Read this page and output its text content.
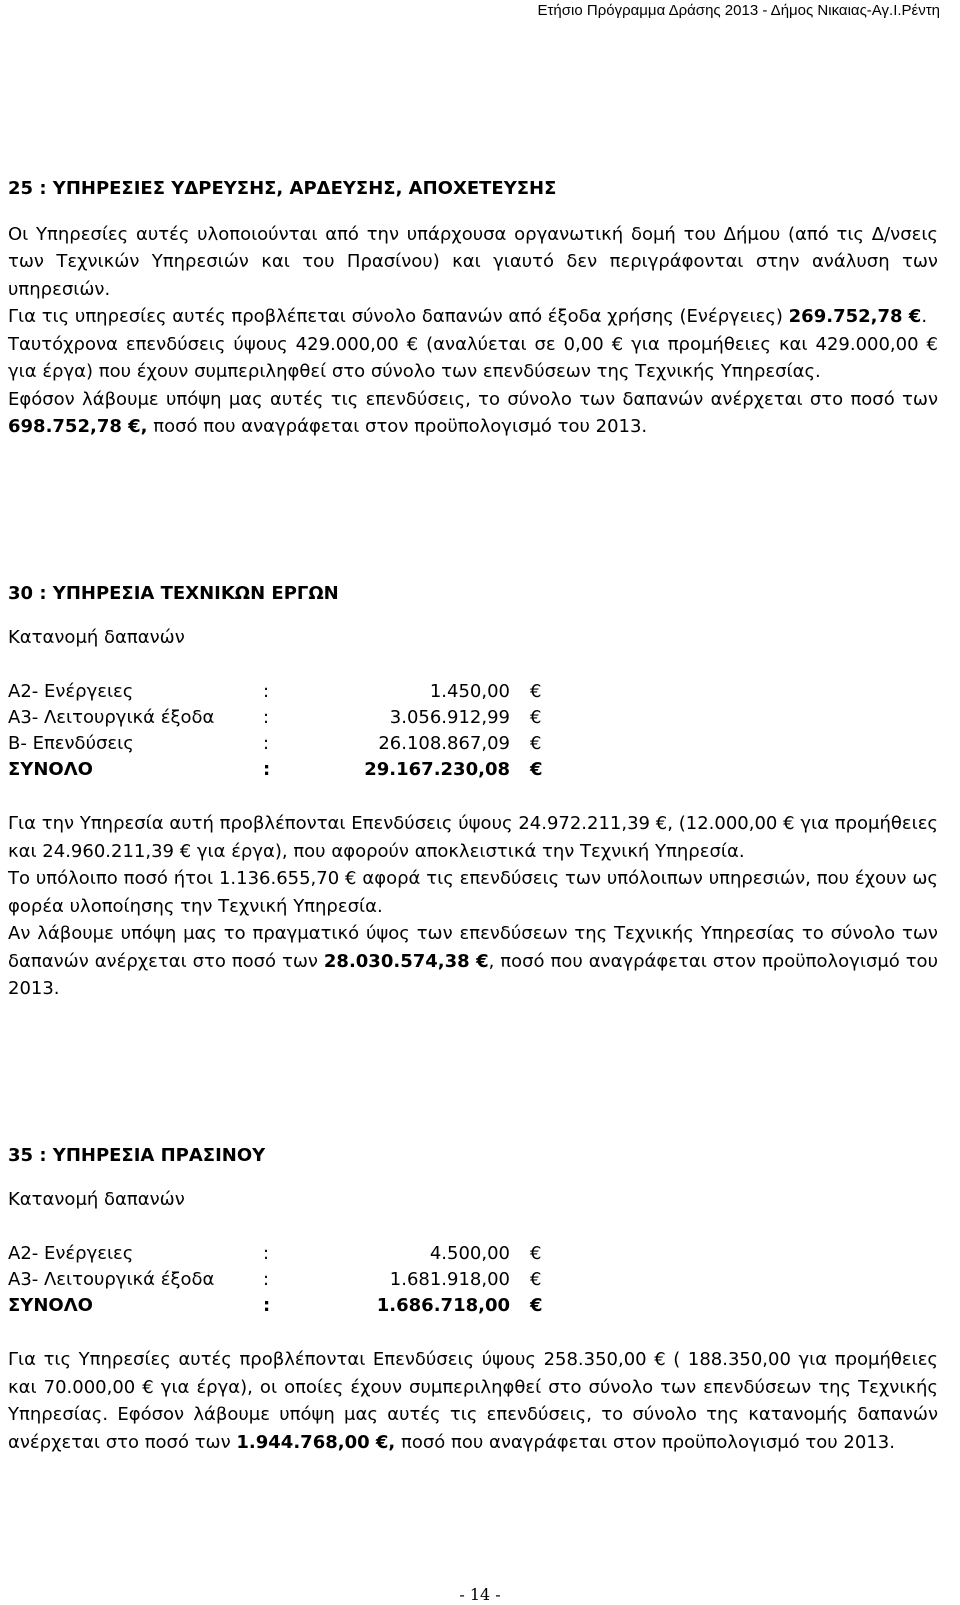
Ετήσιο Πρόγραμμα Δράσης 2013 - Δήμος Νικαιας-Αγ.Ι.Ρέντη
25 : ΥΠΗΡΕΣΙΕΣ ΥΔΡΕΥΣΗΣ, ΑΡΔΕΥΣΗΣ, ΑΠΟΧΕΤΕΥΣΗΣ
Οι Υπηρεσίες αυτές υλοποιούνται από την υπάρχουσα οργανωτική δομή του Δήμου (από τις Δ/νσεις των Τεχνικών Υπηρεσιών και του Πρασίνου) και γιαυτό δεν περιγράφονται στην ανάλυση των υπηρεσιών.
Για τις υπηρεσίες αυτές προβλέπεται σύνολο δαπανών από έξοδα χρήσης (Ενέργειες) 269.752,78 €.
Ταυτόχρονα επενδύσεις ύψους 429.000,00 € (αναλύεται σε 0,00 € για προμήθειες και 429.000,00 € για έργα) που έχουν συμπεριληφθεί στο σύνολο των επενδύσεων της Τεχνικής Υπηρεσίας.
Εφόσον λάβουμε υπόψη μας αυτές τις επενδύσεις, το σύνολο των δαπανών ανέρχεται στο ποσό των 698.752,78 €, ποσό που αναγράφεται στον προϋπολογισμό του 2013.
30 : ΥΠΗΡΕΣΙΑ ΤΕΧΝΙΚΩΝ ΕΡΓΩΝ
Κατανομή δαπανών
Α2- Ενέργειες	:	1.450,00 €
Α3- Λειτουργικά έξοδα	:	3.056.912,99 €
Β- Επενδύσεις	:	26.108.867,09 €
ΣΥΝΟΛΟ	:	29.167.230,08 €
Για την Υπηρεσία αυτή προβλέπονται Επενδύσεις ύψους 24.972.211,39 €, (12.000,00 € για προμήθειες και 24.960.211,39 € για έργα), που αφορούν αποκλειστικά την Τεχνική Υπηρεσία.
Το υπόλοιπο ποσό ήτοι 1.136.655,70 € αφορά τις επενδύσεις των υπόλοιπων υπηρεσιών, που έχουν ως φορέα υλοποίησης την Τεχνική Υπηρεσία.
Αν λάβουμε υπόψη μας το πραγματικό ύψος των επενδύσεων της Τεχνικής Υπηρεσίας το σύνολο των δαπανών ανέρχεται στο ποσό των 28.030.574,38 €, ποσό που αναγράφεται στον προϋπολογισμό του 2013.
35 : ΥΠΗΡΕΣΙΑ ΠΡΑΣΙΝΟΥ
Κατανομή δαπανών
Α2- Ενέργειες	:	4.500,00 €
Α3- Λειτουργικά έξοδα	:	1.681.918,00 €
ΣΥΝΟΛΟ	:	1.686.718,00 €
Για τις Υπηρεσίες αυτές προβλέπονται Επενδύσεις ύψους 258.350,00 € ( 188.350,00 για προμήθειες και 70.000,00 € για έργα), οι οποίες έχουν συμπεριληφθεί στο σύνολο των επενδύσεων της Τεχνικής Υπηρεσίας. Εφόσον λάβουμε υπόψη μας αυτές τις επενδύσεις, το σύνολο της κατανομής δαπανών ανέρχεται στο ποσό των 1.944.768,00 €, ποσό που αναγράφεται στον προϋπολογισμό του 2013.
- 14 -
